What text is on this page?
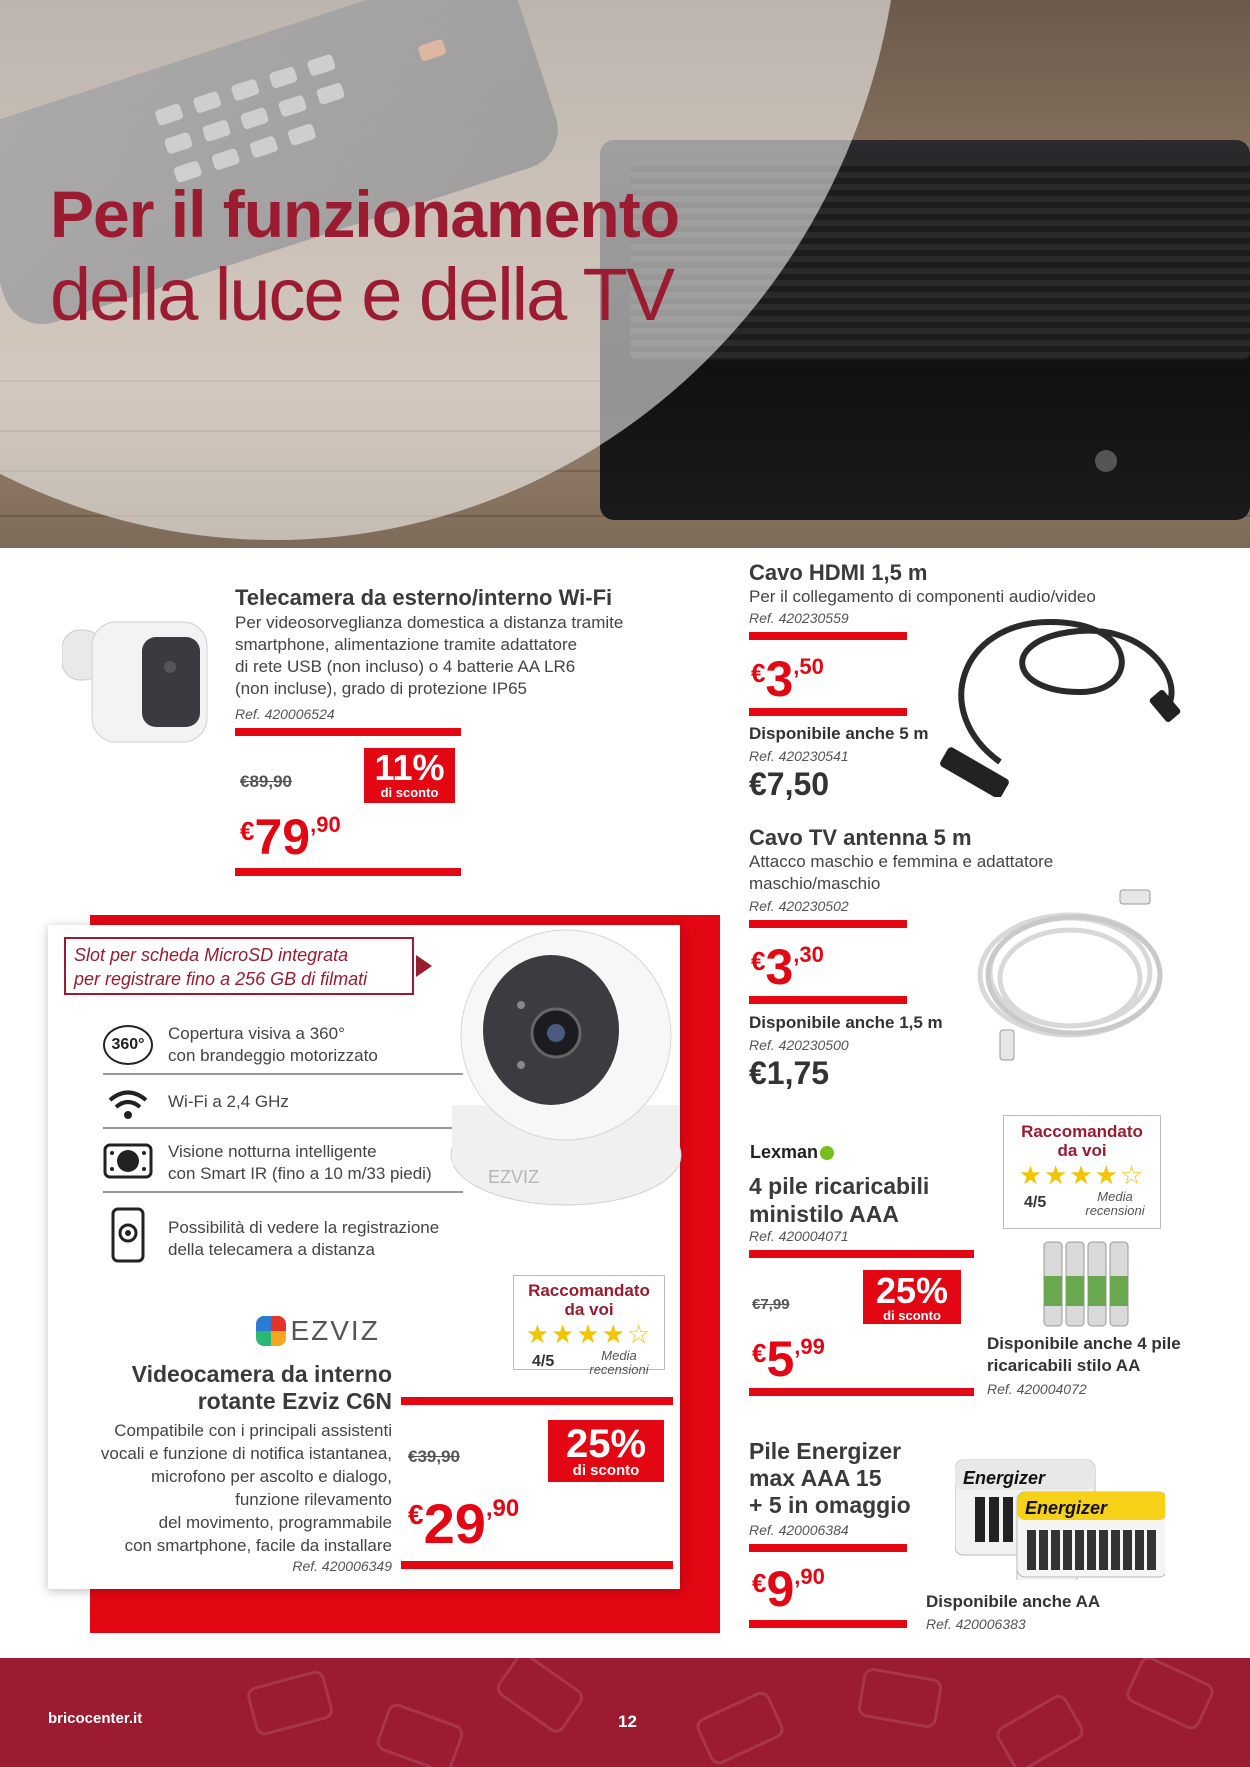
Per il funzionamento
della luce e della TV
Telecamera da esterno/interno Wi-Fi
Per videosorveglianza domestica a distanza tramite
smartphone, alimentazione tramite adattatore
di rete USB (non incluso) o 4 batterie AA LR6
(non incluse), grado di protezione IP65
Ref. 420006524
€89,90 11%
di sconto
€79,90
Cavo HDMI 1,5 m
Per il collegamento di componenti audio/video
Ref. 420230559
€3,50
Disponibile anche 5 m
Ref. 420230541
€7,50
Cavo TV antenna 5 m
Attacco maschio e femmina e adattatore
maschio/maschio
Ref. 420230502
€3,30
Disponibile anche 1,5 m
Ref. 420230500
€1,75
Slot per scheda MicroSD integrata
per registrare fino a 256 GB di filmati
360°
Copertura visiva a 360°
con brandeggio motorizzato
Wi-Fi a 2,4 GHz
Visione notturna intelligente
con Smart IR (fino a 10 m/33 piedi)
Possibilità di vedere la registrazione
della telecamera a distanza
EZVIZ
Raccomandato
da voi
★★★★☆
4/5	Media
recensioni
EZVIZ
Videocamera da interno
rotante Ezviz C6N
Compatibile con i principali assistenti
vocali e funzione di notifica istantanea,
microfono per ascolto e dialogo,
funzione rilevamento
del movimento, programmabile
con smartphone, facile da installare
Ref. 420006349
€39,90	25%
di sconto
€29,90
Lexman
4 pile ricaricabili
ministilo AAA
Ref. 420004071
€7,99	25%
di sconto
€5,99
Raccomandato
da voi
★★★★☆
4/5	Media
recensioni
Disponibile anche 4 pile
ricaricabili stilo AA
Ref. 420004072
Pile Energizer
max AAA 15
+ 5 in omaggio
Ref. 420006384
€9,90
Energizer
Energizer
Disponibile anche AA
Ref. 420006383
bricocenter.it	12
